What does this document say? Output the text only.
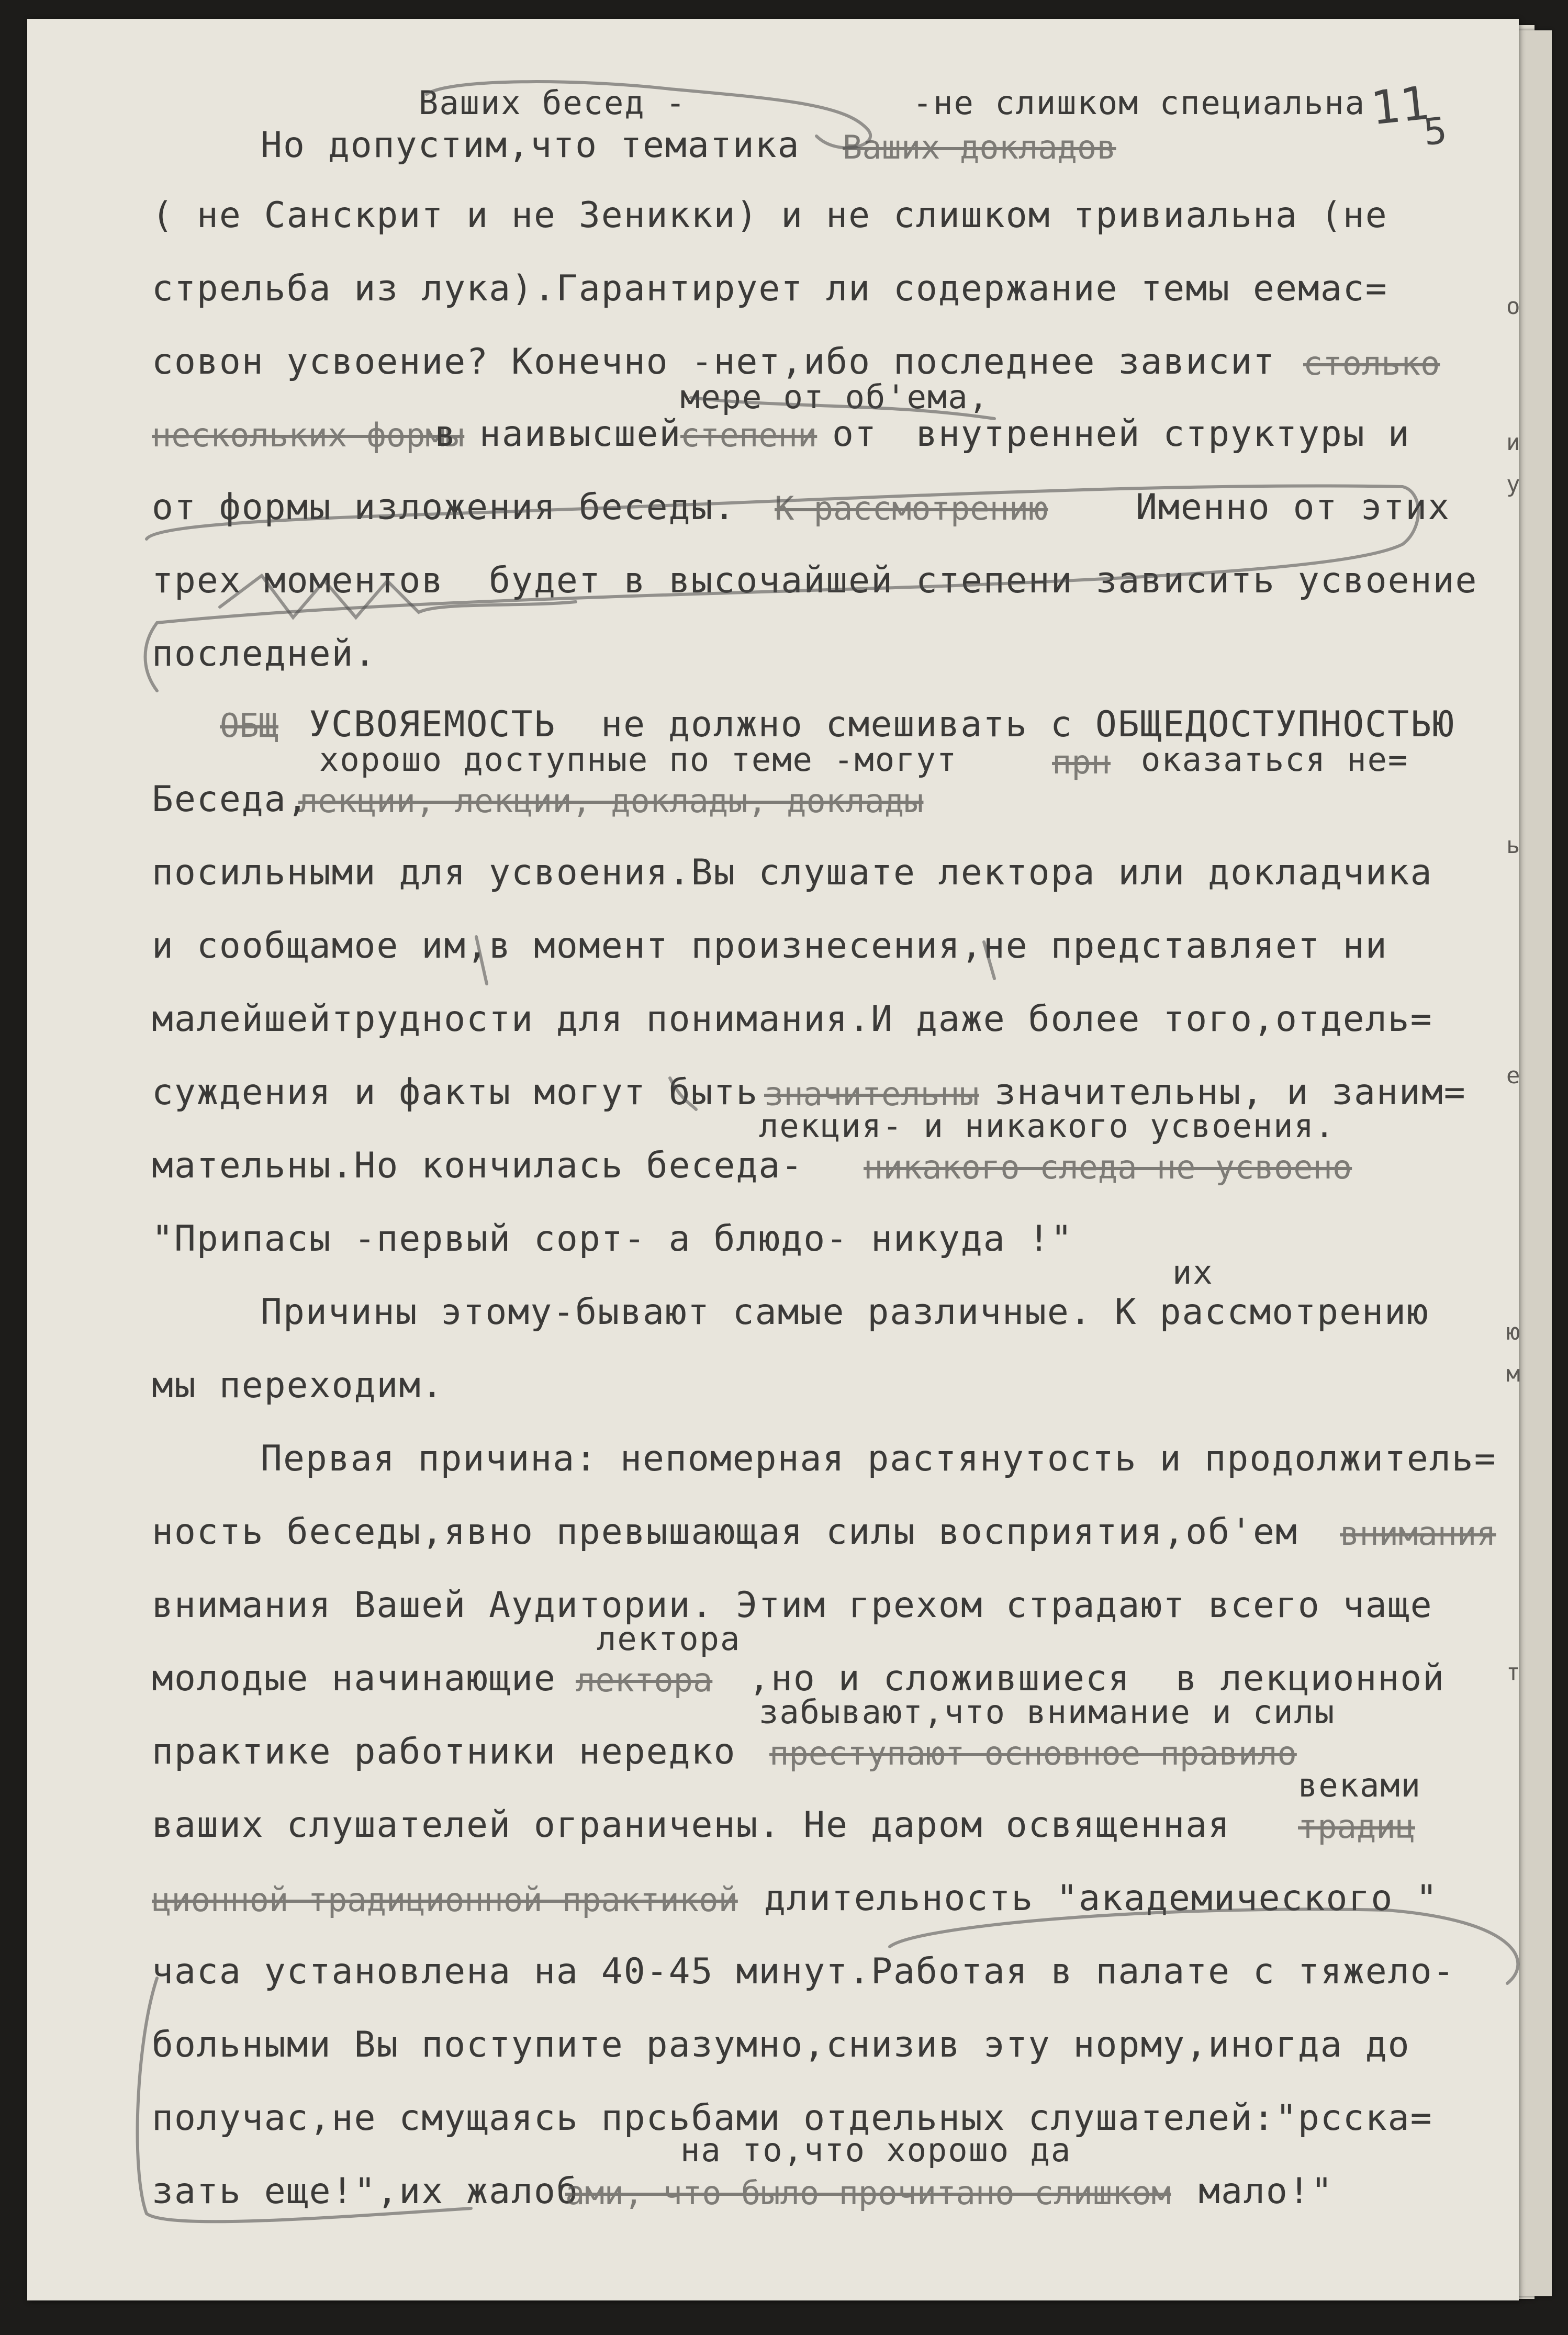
о
и
у
ь
е
ю
м
т
11
5
Ваших бесед -           -не слишком специальна
Но допустим,что тематика Ваших докладов
( не Санскрит и не Зеникки) и не слишком тривиальна (не
стрельба из лука).Гарантирует ли содержание темы еемас=
совон усвоение? Конечно -нет,ибо последнее зависит столько
мере от об'ема,
нескольких формы
в наивысшей
степени от внутренней структуры и
от формы изложения беседы. К рассмотрению Именно от этих
трех моментов  будет в высочайшей степени зависить усвоение
последней.
ОБЩ УСВОЯЕМОСТЬ  не должно смешивать с ОБЩЕДОСТУПНОСТЬЮ
хорошо доступные по теме -могут	прн оказаться не=
Беседа,
лекции, лекции, доклады, доклады
посильными для усвоения.Вы слушате лектора или докладчика
и сообщамое им,в момент произнесения,не представляет ни
малейшейтрудности для понимания.И даже более того,отдель=
суждения и факты могут быть значительны значительны, и заним=
лекция- и никакого усвоения.
мательны.Но кончилась беседа- никакого следа не усвоено
"Припасы -первый сорт- а блюдо- никуда !"
их
Причины этому-бывают самые различные. К рассмотрению
мы переходим.
Первая причина: непомерная растянутость и продолжитель=
ность беседы,явно превышающая силы восприятия,об'ем внимания
внимания Вашей Аудитории. Этим грехом страдают всего чаще
лектора
молодые начинающие лектора ,но и сложившиеся  в лекционной
забывают,что внимание и силы
практике работники нередко преступают основное правило
веками
ваших слушателей ограничены. Не даром освященная традиц
ционной традиционной практикой длительность "академического "
часа установлена на 40-45 минут.Работая в палате с тяжело-
больными Вы поступите разумно,снизив эту норму,иногда до
получас,не смущаясь прсьбами отдельных слушателей:"рсска=
на то,что хорошо да
зать еще!",их жалоб
ами, что было прочитано слишком мало!"
